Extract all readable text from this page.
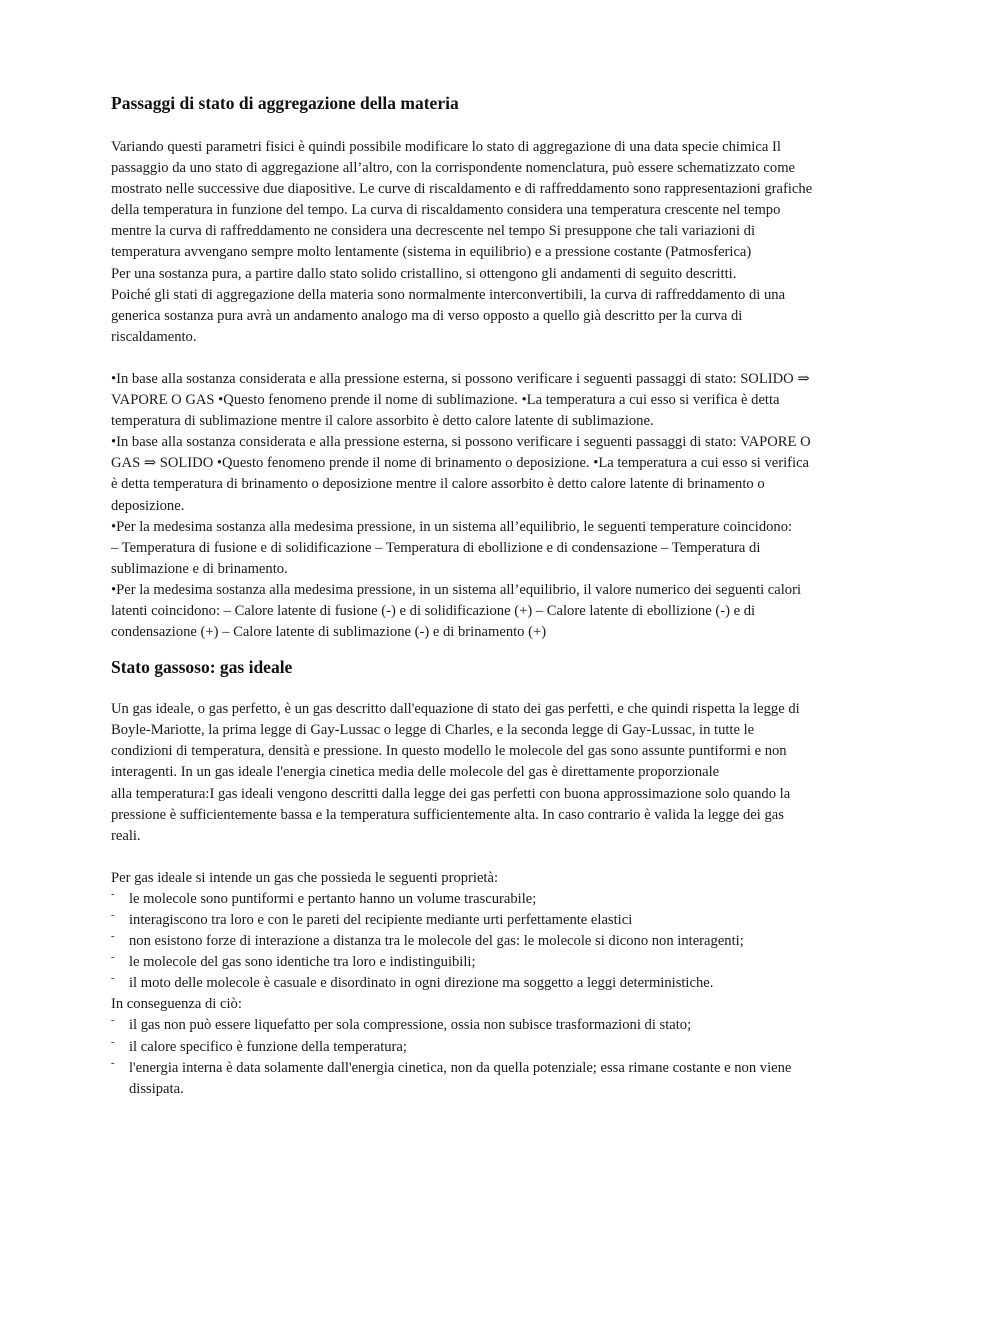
Passaggi di stato di aggregazione della materia

Variando questi parametri fisici è quindi possibile modificare lo stato di aggregazione di una data specie chimica Il
passaggio da uno stato di aggregazione all’altro, con la corrispondente nomenclatura, può essere schematizzato come
mostrato nelle successive due diapositive. Le curve di riscaldamento e di raffreddamento sono rappresentazioni grafiche
della temperatura in funzione del tempo. La curva di riscaldamento considera una temperatura crescente nel tempo
mentre la curva di raffreddamento ne considera una decrescente nel tempo Si presuppone che tali variazioni di
temperatura avvengano sempre molto lentamente (sistema in equilibrio) e a pressione costante (Patmosferica)
Per una sostanza pura, a partire dallo stato solido cristallino, si ottengono gli andamenti di seguito descritti.
Poiché gli stati di aggregazione della materia sono normalmente interconvertibili, la curva di raffreddamento di una
generica sostanza pura avrà un andamento analogo ma di verso opposto a quello già descritto per la curva di
riscaldamento.

•In base alla sostanza considerata e alla pressione esterna, si possono verificare i seguenti passaggi di stato: SOLIDO ⇒
VAPORE O GAS •Questo fenomeno prende il nome di sublimazione. •La temperatura a cui esso si verifica è detta
temperatura di sublimazione mentre il calore assorbito è detto calore latente di sublimazione.
•In base alla sostanza considerata e alla pressione esterna, si possono verificare i seguenti passaggi di stato: VAPORE O
GAS ⇒ SOLIDO •Questo fenomeno prende il nome di brinamento o deposizione. •La temperatura a cui esso si verifica
è detta temperatura di brinamento o deposizione mentre il calore assorbito è detto calore latente di brinamento o
deposizione.
•Per la medesima sostanza alla medesima pressione, in un sistema all’equilibrio, le seguenti temperature coincidono:
– Temperatura di fusione e di solidificazione – Temperatura di ebollizione e di condensazione – Temperatura di
sublimazione e di brinamento.
•Per la medesima sostanza alla medesima pressione, in un sistema all’equilibrio, il valore numerico dei seguenti calori
latenti coincidono: – Calore latente di fusione (-) e di solidificazione (+) – Calore latente di ebollizione (-) e di
condensazione (+) – Calore latente di sublimazione (-) e di brinamento (+)

Stato gassoso: gas ideale

Un gas ideale, o gas perfetto, è un gas descritto dall'equazione di stato dei gas perfetti, e che quindi rispetta la legge di
Boyle-Mariotte, la prima legge di Gay-Lussac o legge di Charles, e la seconda legge di Gay-Lussac, in tutte le
condizioni di temperatura, densità e pressione. In questo modello le molecole del gas sono assunte puntiformi e non
interagenti. In un gas ideale l'energia cinetica media delle molecole del gas è direttamente proporzionale
alla temperatura:I gas ideali vengono descritti dalla legge dei gas perfetti con buona approssimazione solo quando la
pressione è sufficientemente bassa e la temperatura sufficientemente alta. In caso contrario è valida la legge dei gas
reali.

Per gas ideale si intende un gas che possieda le seguenti proprietà:
- le molecole sono puntiformi e pertanto hanno un volume trascurabile;
- interagiscono tra loro e con le pareti del recipiente mediante urti perfettamente elastici
- non esistono forze di interazione a distanza tra le molecole del gas: le molecole si dicono non interagenti;
- le molecole del gas sono identiche tra loro e indistinguibili;
- il moto delle molecole è casuale e disordinato in ogni direzione ma soggetto a leggi deterministiche.
In conseguenza di ciò:
- il gas non può essere liquefatto per sola compressione, ossia non subisce trasformazioni di stato;
- il calore specifico è funzione della temperatura;
- l'energia interna è data solamente dall'energia cinetica, non da quella potenziale; essa rimane costante e non viene
dissipata.
